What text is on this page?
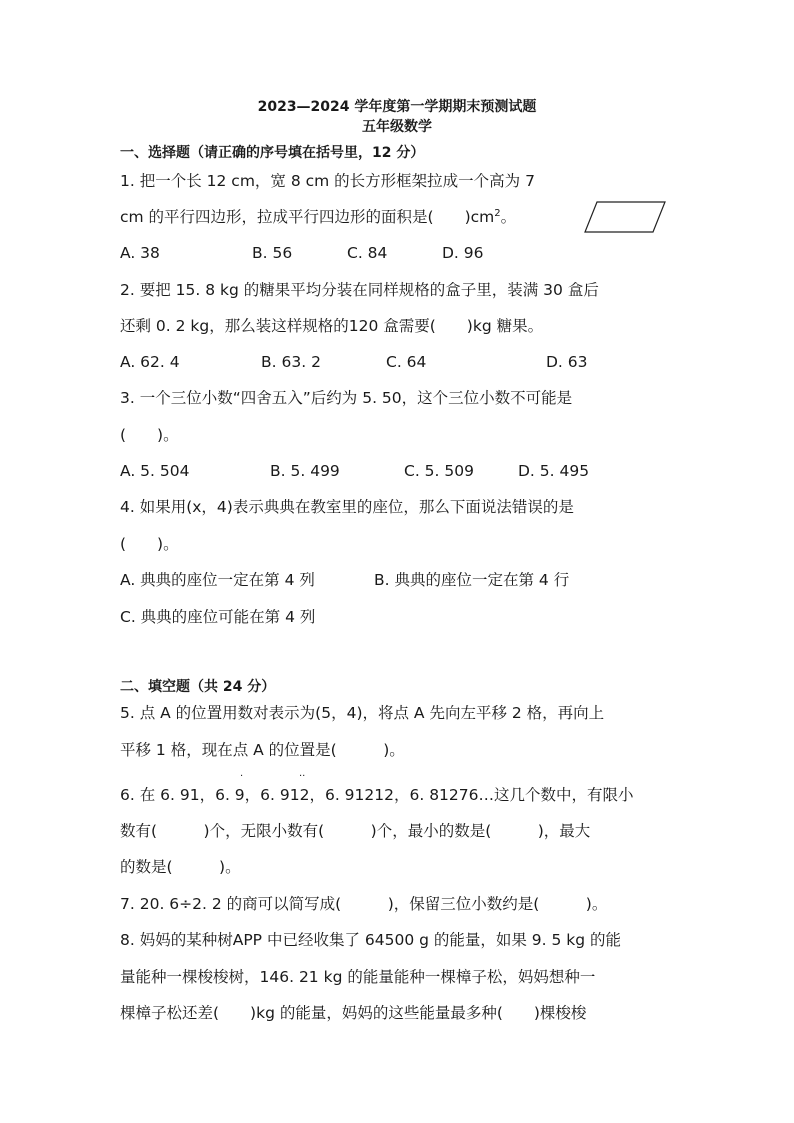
2023—2024 学年度第一学期期末预测试题
五年级数学
一、选择题（请正确的序号填在括号里，12 分）
1. 把一个长 12 cm，宽 8 cm 的长方形框架拉成一个高为 7
cm 的平行四边形，拉成平行四边形的面积是(　　)$cm^2$。
A. 38	B. 56	C. 84	D. 96
2. 要把 15. 8 kg 的糖果平均分装在同样规格的盒子里，装满 30 盒后
还剩 0. 2 kg，那么装这样规格的120 盒需要(　　)kg 糖果。
A. 62. 4	B. 63. 2	C. 64	D. 63
3. 一个三位小数“四舍五入”后约为 5. 50，这个三位小数不可能是
(　　)。
A. 5. 504	B. 5. 499	C. 5. 509	D. 5. 495
4. 如果用(x，4)表示典典在教室里的座位，那么下面说法错误的是
(　　)。
A. 典典的座位一定在第 4 列	B. 典典的座位一定在第 4 行
C. 典典的座位可能在第 4 列
二、填空题（共 24 分）
5. 点 A 的位置用数对表示为(5，4)，将点 A 先向左平移 2 格，再向上
平移 1 格，现在点 A 的位置是(　　　)。
·	··
6. 在 6. 91，6. 9，6. 912，6. 91212，6. 81276…这几个数中，有限小
数有(　　　)个，无限小数有(　　　)个，最小的数是(　　　)，最大
的数是(　　　)。
7. 20. 6÷2. 2 的商可以简写成(　　　)，保留三位小数约是(　　　)。
8. 妈妈的某种树APP 中已经收集了 64500 g 的能量，如果 9. 5 kg 的能
量能种一棵梭梭树，146. 21 kg 的能量能种一棵樟子松，妈妈想种一
棵樟子松还差(　　)kg 的能量，妈妈的这些能量最多种(　　)棵梭梭
